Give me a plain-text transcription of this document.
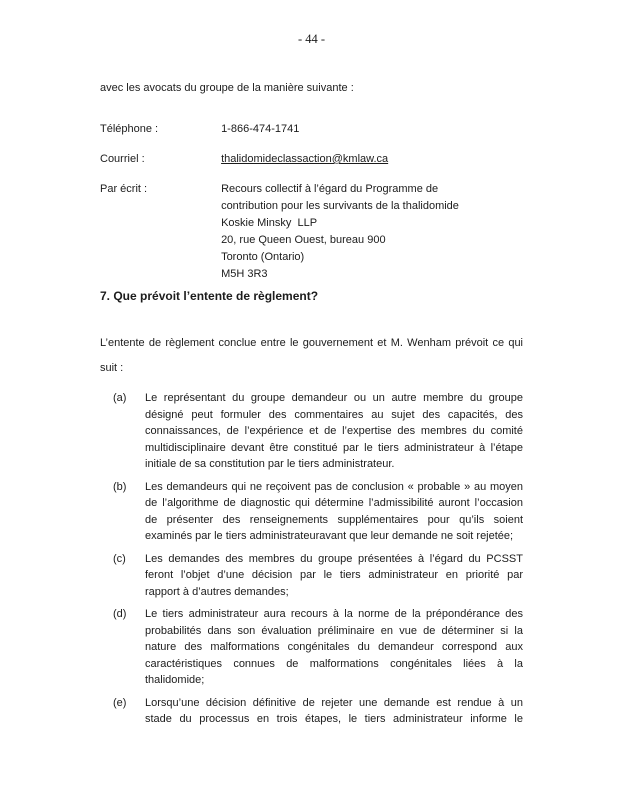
- 44 -
avec les avocats du groupe de la manière suivante :
Téléphone :	1-866-474-1741
Courriel :	thalidomideclassaction@kmlaw.ca
Par écrit :	Recours collectif à l’égard du Programme de
contribution pour les survivants de la thalidomide
Koskie Minsky  LLP
20, rue Queen Ouest, bureau 900
Toronto (Ontario)
M5H 3R3
7. Que prévoit l’entente de règlement?
L’entente de règlement conclue entre le gouvernement et M. Wenham prévoit ce qui
suit :
(a)	Le représentant du groupe demandeur ou un autre membre du groupe
désigné peut formuler des commentaires au sujet des capacités, des
connaissances, de l’expérience et de l’expertise des membres du comité
multidisciplinaire devant être constitué par le tiers administrateur à l’étape
initiale de sa constitution par le tiers administrateur.
(b)	Les demandeurs qui ne reçoivent pas de conclusion « probable » au moyen
de l’algorithme de diagnostic qui détermine l’admissibilité auront l’occasion
de présenter des renseignements supplémentaires pour qu’ils soient
examinés par le tiers administrateuravant que leur demande ne soit rejetée;
(c)	Les demandes des membres du groupe présentées à l’égard du PCSST
feront l’objet d’une décision par le tiers administrateur en priorité par
rapport à d’autres demandes;
(d)	Le tiers administrateur aura recours à la norme de la prépondérance des
probabilités dans son évaluation préliminaire en vue de déterminer si la
nature des malformations congénitales du demandeur correspond aux
caractéristiques connues de malformations congénitales liées à la
thalidomide;
(e)	Lorsqu’une décision définitive de rejeter une demande est rendue à un
stade du processus en trois étapes, le tiers administrateur informe le
